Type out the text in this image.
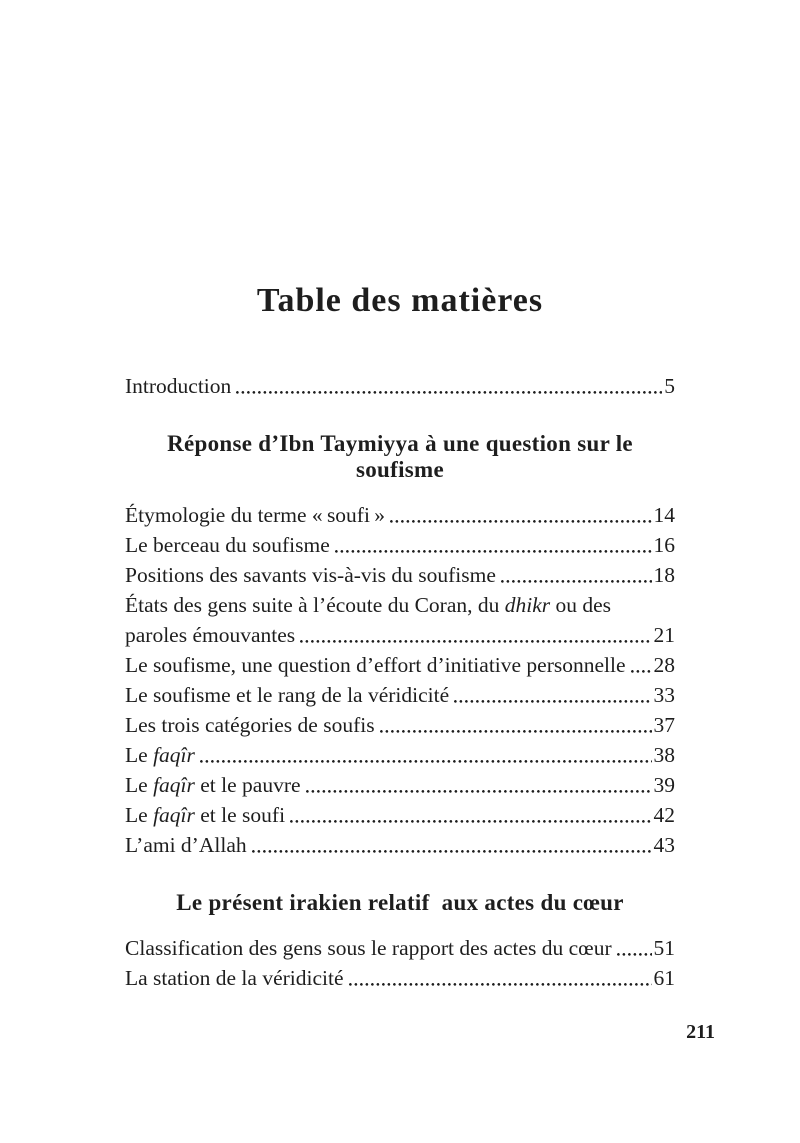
Table des matières
Introduction	5
Réponse d’Ibn Taymiyya à une question sur le soufisme
Étymologie du terme « soufi »	14
Le berceau du soufisme	16
Positions des savants vis-à-vis du soufisme	18
États des gens suite à l’écoute du Coran, du dhikr ou des
paroles émouvantes	21
Le soufisme, une question d’effort d’initiative personnelle 28
Le soufisme et le rang de la véridicité	33
Les trois catégories de soufis	37
Le faqîr	38
Le faqîr et le pauvre	39
Le faqîr et le soufi	42
L’ami d’Allah	43
Le présent irakien relatif  aux actes du cœur
Classification des gens sous le rapport des actes du cœur 51
La station de la véridicité	61
211
